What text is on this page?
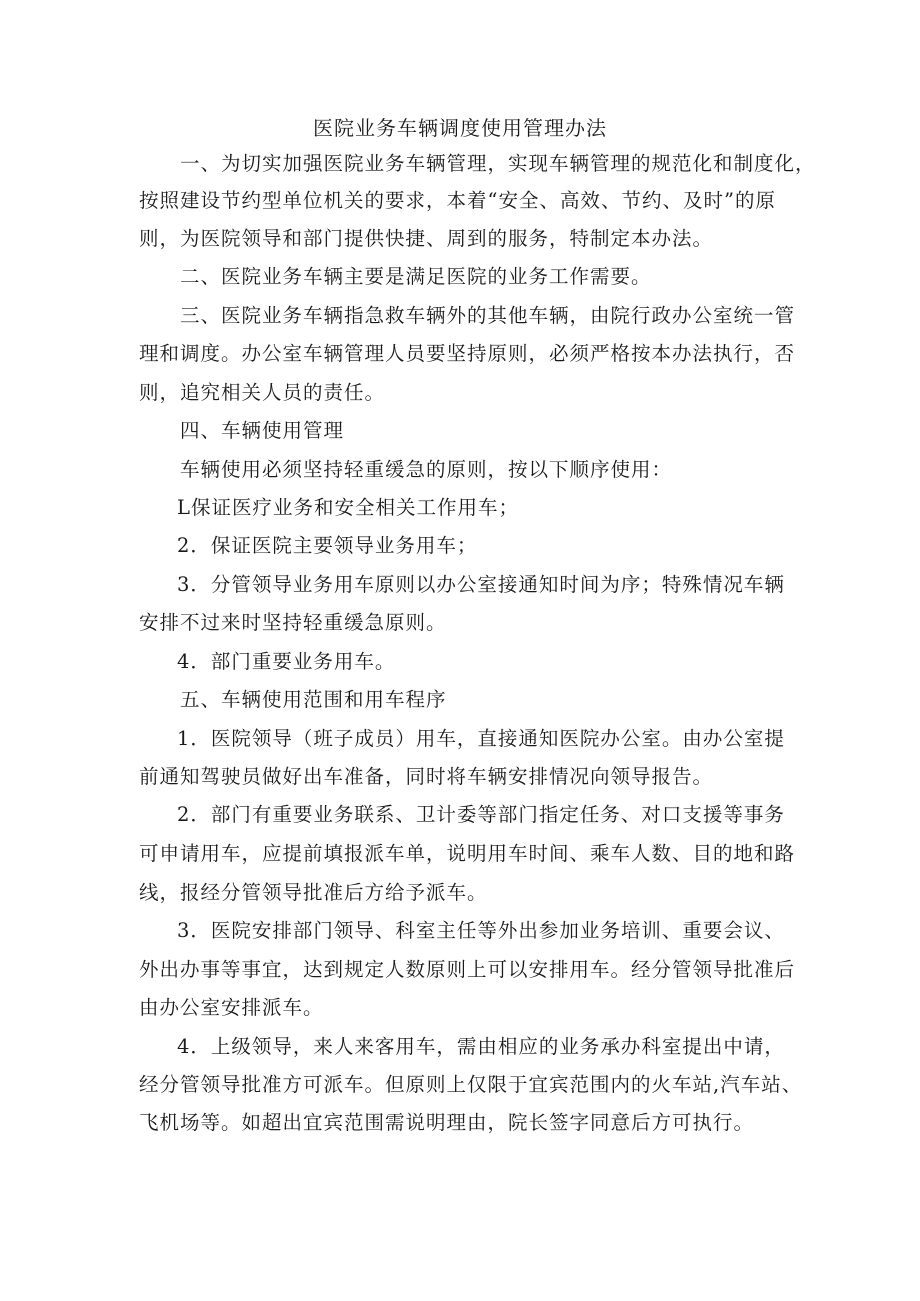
医院业务车辆调度使用管理办法
一、为切实加强医院业务车辆管理，实现车辆管理的规范化和制度化，
按照建设节约型单位机关的要求，本着“安全、高效、节约、及时”的原
则，为医院领导和部门提供快捷、周到的服务，特制定本办法。
二、医院业务车辆主要是满足医院的业务工作需要。
三、医院业务车辆指急救车辆外的其他车辆，由院行政办公室统一管
理和调度。办公室车辆管理人员要坚持原则，必须严格按本办法执行，否
则，追究相关人员的责任。
四、车辆使用管理
车辆使用必须坚持轻重缓急的原则，按以下顺序使用：
L保证医疗业务和安全相关工作用车；
2．保证医院主要领导业务用车；
3．分管领导业务用车原则以办公室接通知时间为序；特殊情况车辆
安排不过来时坚持轻重缓急原则。
4．部门重要业务用车。
五、车辆使用范围和用车程序
1．医院领导（班子成员）用车，直接通知医院办公室。由办公室提
前通知驾驶员做好出车准备，同时将车辆安排情况向领导报告。
2．部门有重要业务联系、卫计委等部门指定任务、对口支援等事务
可申请用车，应提前填报派车单，说明用车时间、乘车人数、目的地和路
线，报经分管领导批准后方给予派车。
3．医院安排部门领导、科室主任等外出参加业务培训、重要会议、
外出办事等事宜，达到规定人数原则上可以安排用车。经分管领导批准后
由办公室安排派车。
4．上级领导，来人来客用车，需由相应的业务承办科室提出中请，
经分管领导批准方可派车。但原则上仅限于宜宾范围内的火车站,汽车站、
飞机场等。如超出宜宾范围需说明理由，院长签字同意后方可执行。
